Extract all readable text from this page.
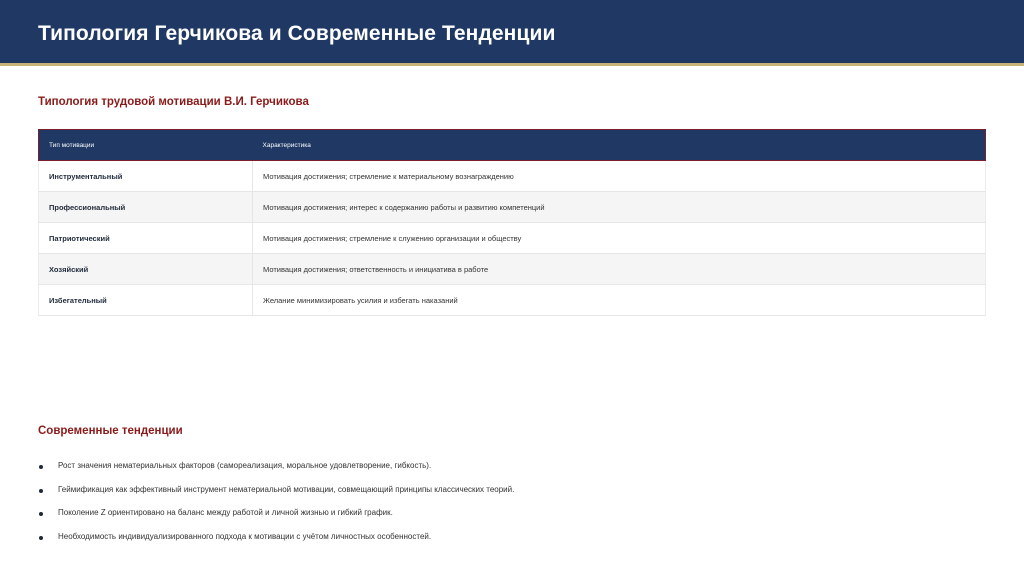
Типология Герчикова и Современные Тенденции
Типология трудовой мотивации В.И. Герчикова
Тип мотивации	Характеристика
Инструментальный	Мотивация достижения; стремление к материальному вознаграждению
Профессиональный	Мотивация достижения; интерес к содержанию работы и развитию компетенций
Патриотический	Мотивация достижения; стремление к служению организации и обществу
Хозяйский	Мотивация достижения; ответственность и инициатива в работе
Избегательный	Желание минимизировать усилия и избегать наказаний
Современные тенденции
Рост значения нематериальных факторов (самореализация, моральное удовлетворение, гибкость).
Геймификация как эффективный инструмент нематериальной мотивации, совмещающий принципы классических теорий.
Поколение Z ориентировано на баланс между работой и личной жизнью и гибкий график.
Необходимость индивидуализированного подхода к мотивации с учётом личностных особенностей.
